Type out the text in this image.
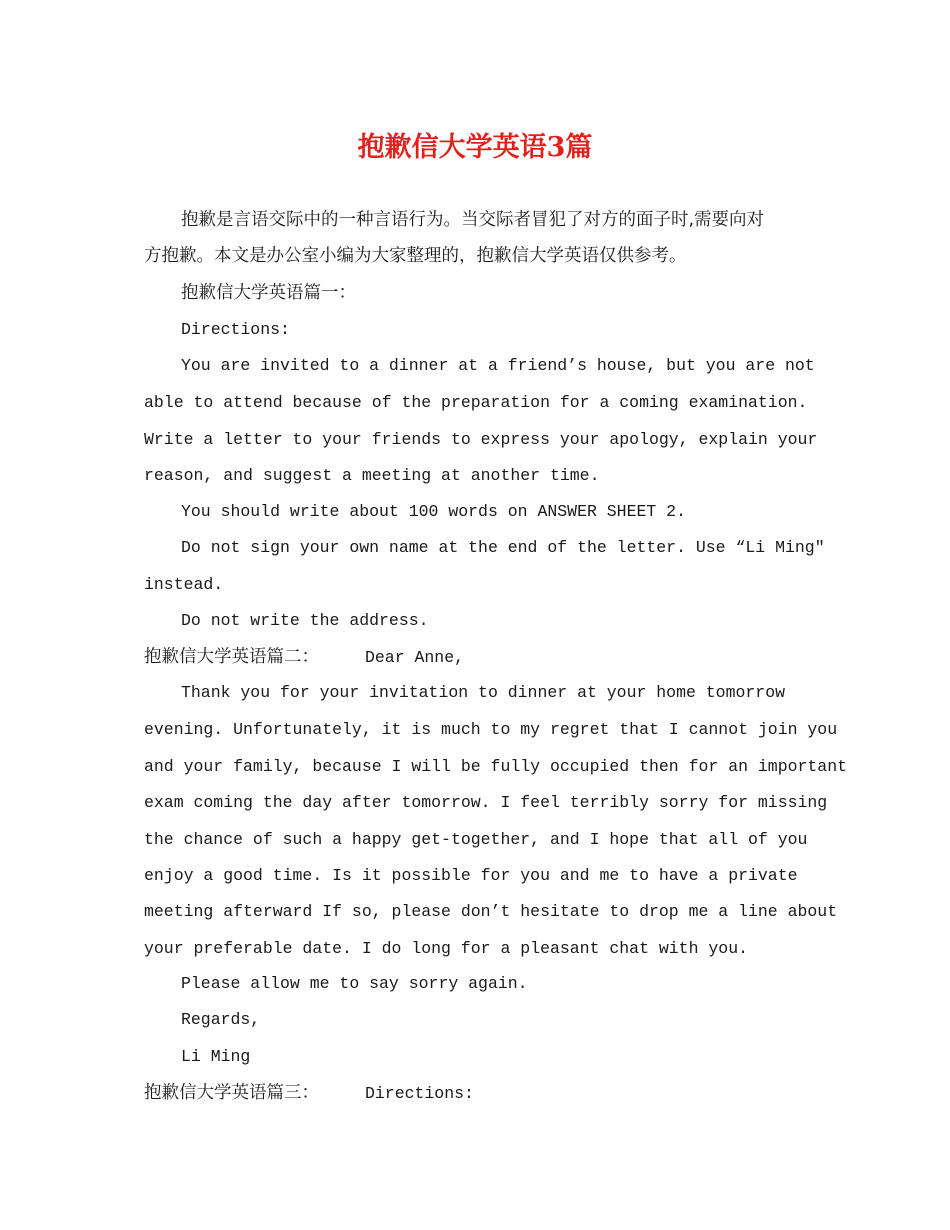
抱歉信大学英语3篇
抱歉是言语交际中的一种言语行为。当交际者冒犯了对方的面子时,需要向对
方抱歉。本文是办公室小编为大家整理的，抱歉信大学英语仅供参考。
抱歉信大学英语篇一：
Directions:
You are invited to a dinner at a friend’s house, but you are not
able to attend because of the preparation for a coming examination.
Write a letter to your friends to express your apology, explain your
reason, and suggest a meeting at another time.
You should write about 100 words on ANSWER SHEET 2.
Do not sign your own name at the end of the letter. Use “Li Ming"
instead.
Do not write the address.
抱歉信大学英语篇二：	Dear Anne,
Thank you for your invitation to dinner at your home tomorrow
evening. Unfortunately, it is much to my regret that I cannot join you
and your family, because I will be fully occupied then for an important
exam coming the day after tomorrow. I feel terribly sorry for missing
the chance of such a happy get-together, and I hope that all of you
enjoy a good time. Is it possible for you and me to have a private
meeting afterward If so, please don’t hesitate to drop me a line about
your preferable date. I do long for a pleasant chat with you.
Please allow me to say sorry again.
Regards,
Li Ming
抱歉信大学英语篇三：	Directions:
